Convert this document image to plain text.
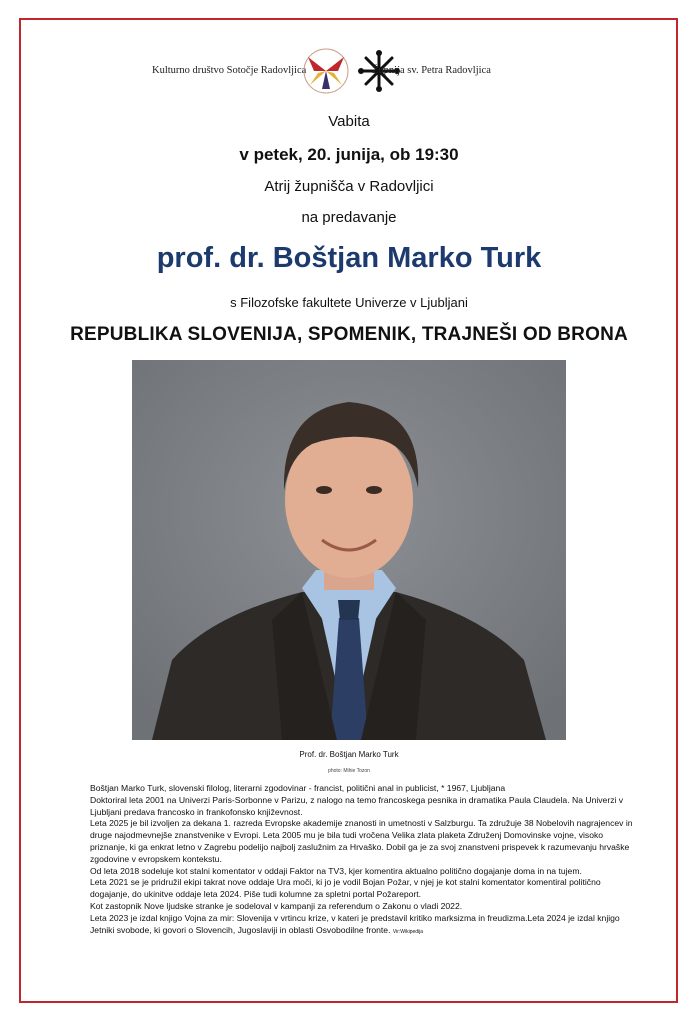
Kulturno društvo Sotočje Radovljica	Župnija sv. Petra Radovljica
Vabita
v petek, 20. junija, ob 19:30
Atrij župnišča v Radovljici
na predavanje
prof. dr. Boštjan Marko Turk
s Filozofske fakultete Univerze v Ljubljani
REPUBLIKA SLOVENIJA, SPOMENIK, TRAJNEŠI OD BRONA
Prof. dr. Boštjan Marko Turk
photo: Mihie Tozon

Boštjan Marko Turk, slovenski filolog, literarni zgodovinar - francist, politični anal in publicist, * 1967, Ljubljana

Doktoriral leta 2001 na Univerzi Paris-Sorbonne v Parizu, z nalogo na temo francoskega pesnika in dramatika Paula Claudela. Na Univerzi v Ljubljani predava francosko in frankofonsko književnost.

Leta 2025 je bil izvoljen za dekana 1. razreda Evropske akademije znanosti in umetnosti v Salzburgu. Ta združuje 38 Nobelovih nagrajencev in druge najodmevnejše znanstvenike v Evropi. Leta 2005 mu je bila tudi vročena Velika zlata plaketa Združenj Domovinske vojne, visoko priznanje, ki ga enkrat letno v Zagrebu podelijo najbolj zaslužnim za Hrvaško. Dobil ga je za svoj znanstveni prispevek k razumevanju hrvaške zgodovine v evropskem kontekstu.

Od leta 2018 sodeluje kot stalni komentator v oddaji Faktor na TV3, kjer komentira aktualno politično dogajanje doma in na tujem.

Leta 2021 se je pridružil ekipi takrat nove oddaje Ura moči, ki jo je vodil Bojan Požar, v njej je kot stalni komentator komentiral politično dogajanje, do ukinitve oddaje leta 2024. Piše tudi kolumne za spletni portal Požareport.

Kot zastopnik Nove ljudske stranke je sodeloval v kampanji za referendum o Zakonu o vladi 2022.

Leta 2023 je izdal knjigo Vojna za mir: Slovenija v vrtincu krize, v kateri je predstavil kritiko marksizma in freudizma.Leta 2024 je izdal knjigo Jetniki svobode, ki govori o Slovencih, Jugoslaviji in oblasti Osvobodilne fronte. Vir:Wikipedija
